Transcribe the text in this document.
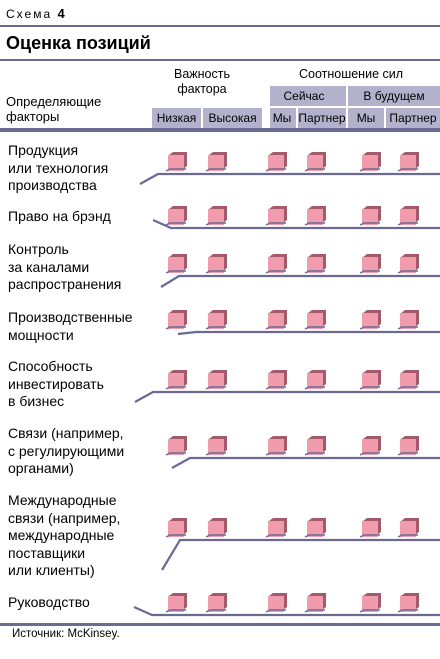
Схема 4
Оценка позиций
Определяющие
факторы
Важность
фактора
Соотношение сил
Сейчас	В будущем
Низкая	Высокая	Мы Партнер Мы	Партнер
Продукция
или технология
производства
Право на брэнд
Контроль
за каналами
распространения
Производственные
мощности
Способность
инвестировать
в бизнес
Связи (например,
с регулирующими
органами)
Международные
связи (например,
международные
поставщики
или клиенты)
Руководство
Источник: McKinsey.
